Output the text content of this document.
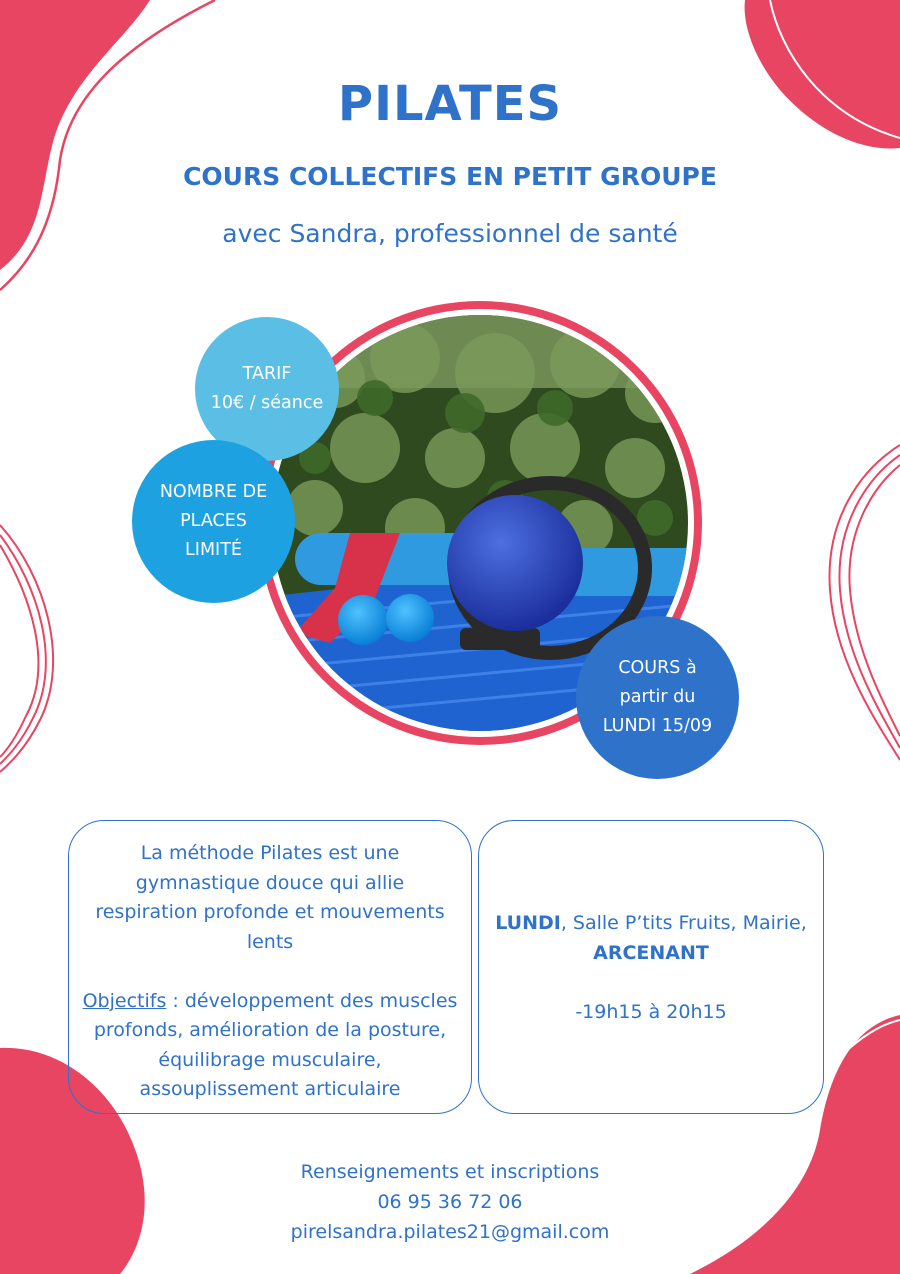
PILATES
COURS COLLECTIFS EN PETIT GROUPE
avec Sandra, professionnel de santé
TARIF
10€ / séance
NOMBRE DE
PLACES
LIMITÉ
COURS à
partir du
LUNDI 15/09
La méthode Pilates est une
gymnastique douce qui allie
respiration profonde et mouvements
lents
Objectifs : développement des muscles
profonds, amélioration de la posture,
équilibrage musculaire,
assouplissement articulaire
LUNDI, Salle P’tits Fruits, Mairie,
ARCENANT
-19h15 à 20h15
Renseignements et inscriptions
06 95 36 72 06
pirelsandra.pilates21@gmail.com
